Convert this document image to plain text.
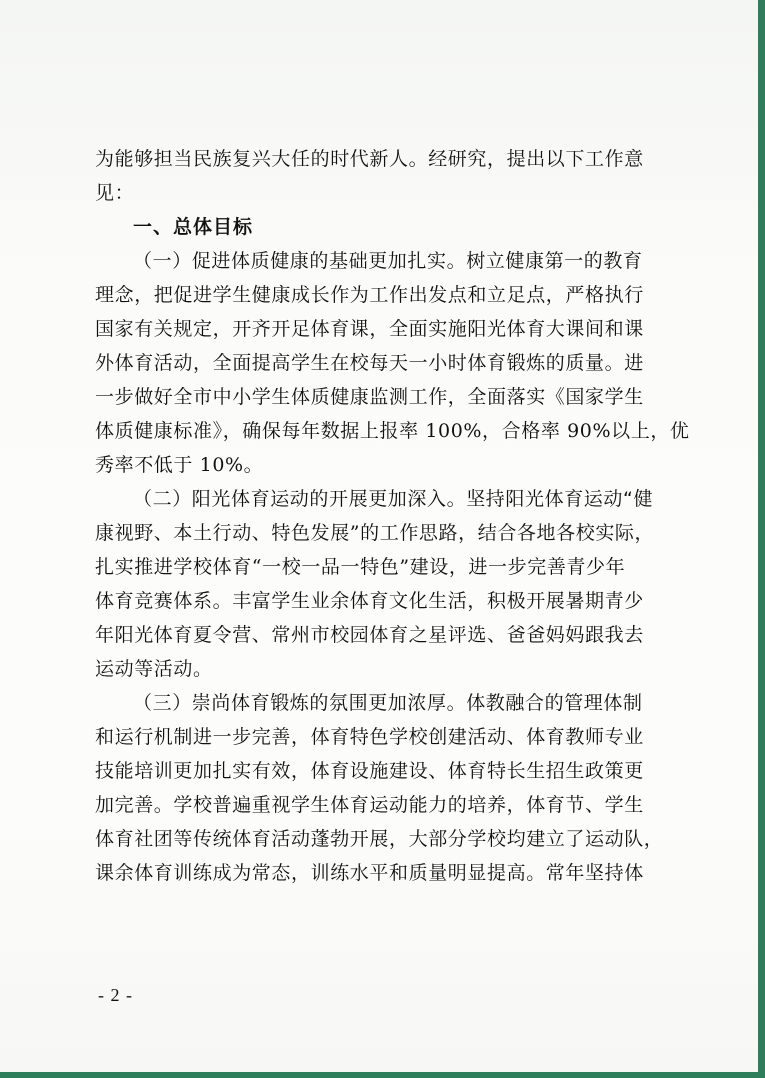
为能够担当民族复兴大任的时代新人。经研究，提出以下工作意
见：
一、总体目标
（一）促进体质健康的基础更加扎实。树立健康第一的教育
理念，把促进学生健康成长作为工作出发点和立足点，严格执行
国家有关规定，开齐开足体育课，全面实施阳光体育大课间和课
外体育活动，全面提高学生在校每天一小时体育锻炼的质量。进
一步做好全市中小学生体质健康监测工作，全面落实《国家学生
体质健康标准》，确保每年数据上报率 100%，合格率 90%以上，优
秀率不低于 10%。
（二）阳光体育运动的开展更加深入。坚持阳光体育运动“健
康视野、本土行动、特色发展”的工作思路，结合各地各校实际，
扎实推进学校体育“一校一品一特色”建设，进一步完善青少年
体育竞赛体系。丰富学生业余体育文化生活，积极开展暑期青少
年阳光体育夏令营、常州市校园体育之星评选、爸爸妈妈跟我去
运动等活动。
（三）崇尚体育锻炼的氛围更加浓厚。体教融合的管理体制
和运行机制进一步完善，体育特色学校创建活动、体育教师专业
技能培训更加扎实有效，体育设施建设、体育特长生招生政策更
加完善。学校普遍重视学生体育运动能力的培养，体育节、学生
体育社团等传统体育活动蓬勃开展，大部分学校均建立了运动队，
课余体育训练成为常态，训练水平和质量明显提高。常年坚持体
- 2 -
